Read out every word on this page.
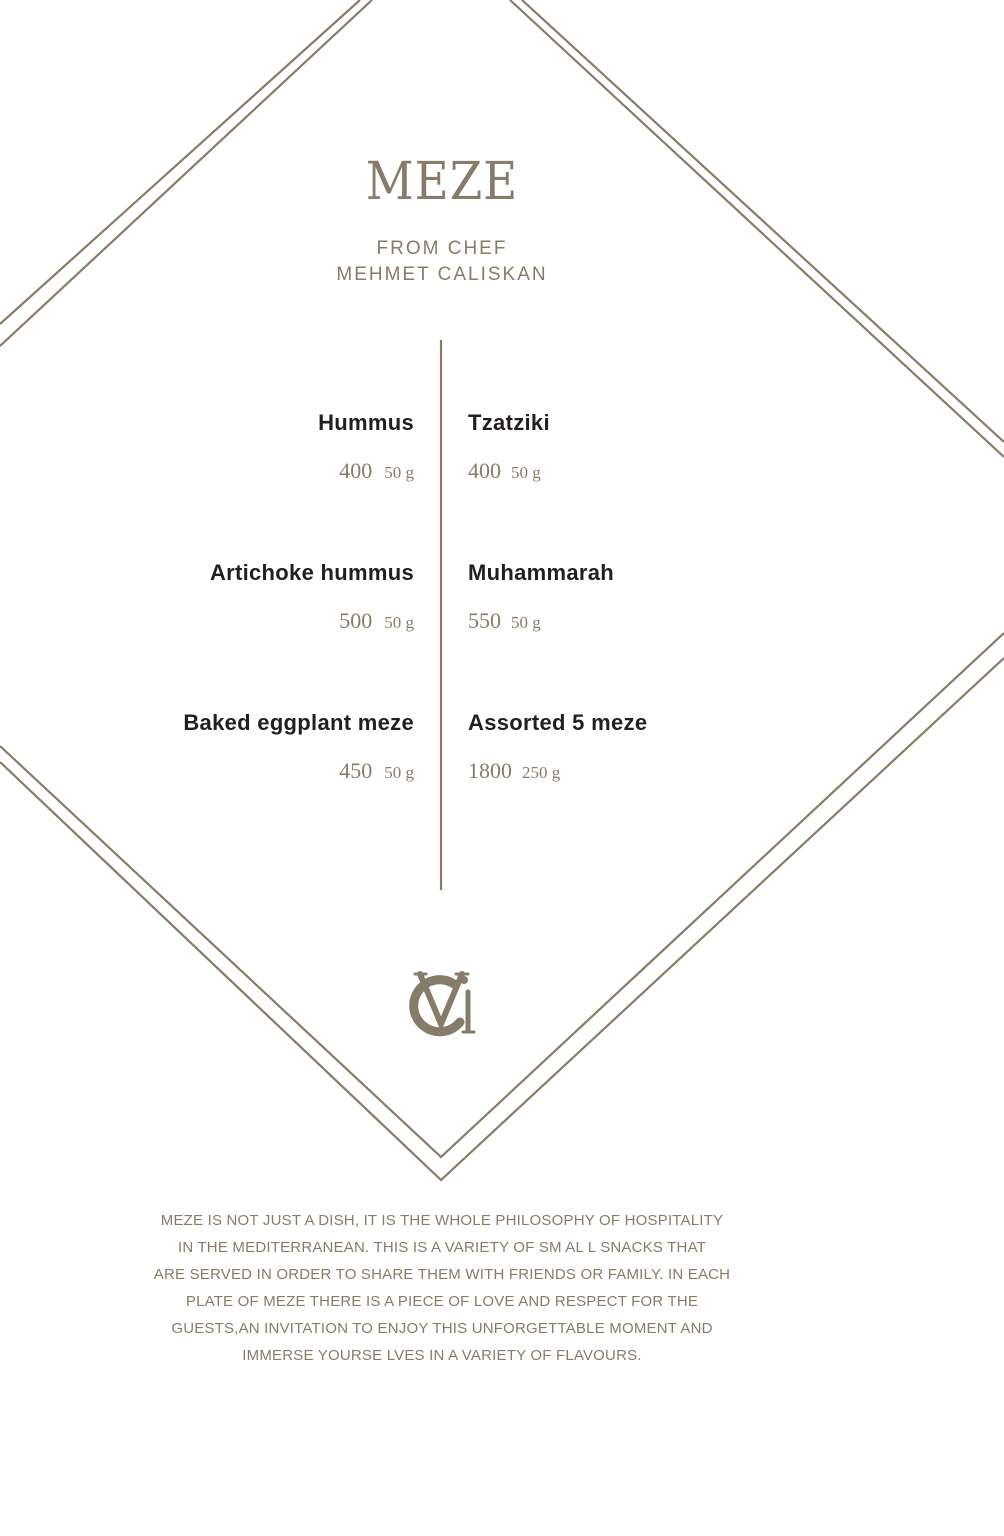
MEZE
FROM CHEF
MEHMET CALISKAN
Hummus
400 50 g
Artichoke hummus
500 50 g
Baked eggplant meze
450 50 g
Tzatziki
400 50 g
Muhammarah
550 50 g
Assorted 5 meze
1800 250 g
MEZE IS NOT JUST A DISH, IT IS THE WHOLE PHILOSOPHY OF HOSPITALITY
IN THE MEDITERRANEAN. THIS IS A VARIETY OF SM AL L SNACKS THAT
ARE SERVED IN ORDER TO SHARE THEM WITH FRIENDS OR FAMILY. IN EACH
PLATE OF MEZE THERE IS A PIECE OF LOVE AND RESPECT FOR THE
GUESTS,AN INVITATION TO ENJOY THIS UNFORGETTABLE MOMENT AND
IMMERSE YOURSE LVES IN A VARIETY OF FLAVOURS.
